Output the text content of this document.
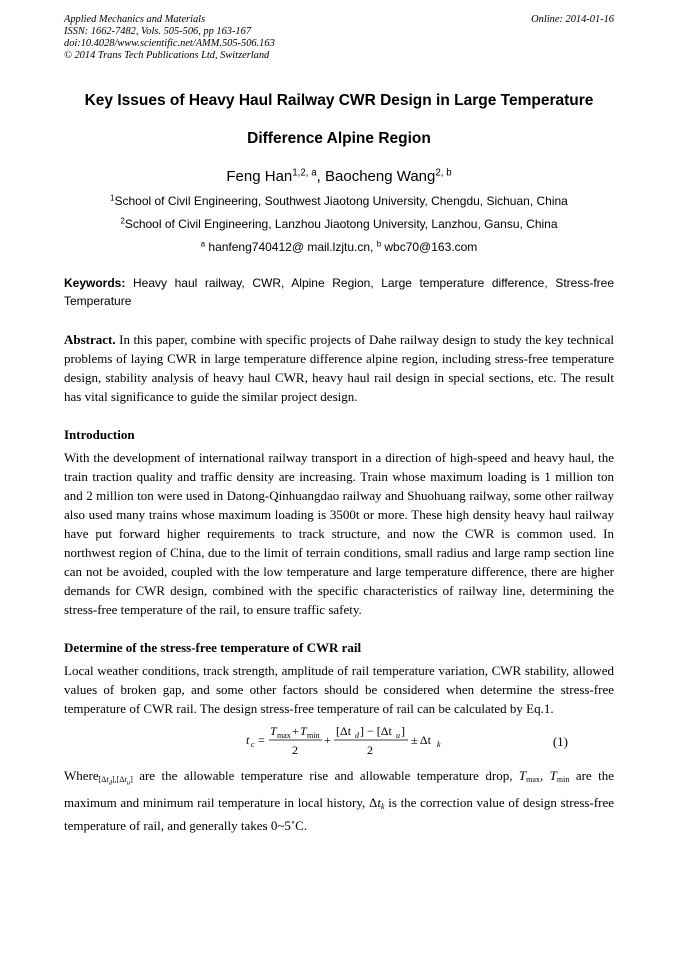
Applied Mechanics and Materials
ISSN: 1662-7482, Vols. 505-506, pp 163-167
doi:10.4028/www.scientific.net/AMM.505-506.163
© 2014 Trans Tech Publications Ltd, Switzerland
Online: 2014-01-16
Key Issues of Heavy Haul Railway CWR Design in Large Temperature
Difference Alpine Region
Feng Han$^{1,2, a}$, Baocheng Wang$^{2, b}$
$^1$School of Civil Engineering, Southwest Jiaotong University, Chengdu, Sichuan, China
$^2$School of Civil Engineering, Lanzhou Jiaotong University, Lanzhou, Gansu, China
$^a$ hanfeng740412@ mail.lzjtu.cn, $^b$ wbc70@163.com
Keywords: Heavy haul railway, CWR, Alpine Region, Large temperature difference, Stress-free Temperature
Abstract. In this paper, combine with specific projects of Dahe railway design to study the key technical problems of laying CWR in large temperature difference alpine region, including stress-free temperature design, stability analysis of heavy haul CWR, heavy haul rail design in special sections, etc. The result has vital significance to guide the similar project design.
Introduction
With the development of international railway transport in a direction of high-speed and heavy haul, the train traction quality and traffic density are increasing. Train whose maximum loading is 1 million ton and 2 million ton were used in Datong-Qinhuangdao railway and Shuohuang railway, some other railway also used many trains whose maximum loading is 3500t or more. These high density heavy haul railway have put forward higher requirements to track structure, and now the CWR is common used. In northwest region of China, due to the limit of terrain conditions, small radius and large ramp section line can not be avoided, coupled with the low temperature and large temperature difference, there are higher demands for CWR design, combined with the specific characteristics of railway line, determining the stress-free temperature of the rail, to ensure traffic safety.
Determine of the stress-free temperature of CWR rail
Local weather conditions, track strength, amplitude of rail temperature variation, CWR stability, allowed values of broken gap, and some other factors should be considered when determine the stress-free temperature of CWR rail. The design stress-free temperature of rail can be calculated by Eq.1.
t c =
T max + T min
2
+
[Δt d ] − [Δt u ]
2
± Δt k	(1)
$Where[\Delta t_d],[\Delta t_u]$ are the allowable temperature rise and allowable temperature drop, Tmax, Tmin are the maximum and minimum rail temperature in local history, Δtk is the correction value of design stress-free temperature of rail, and generally takes 0~5˚C.
